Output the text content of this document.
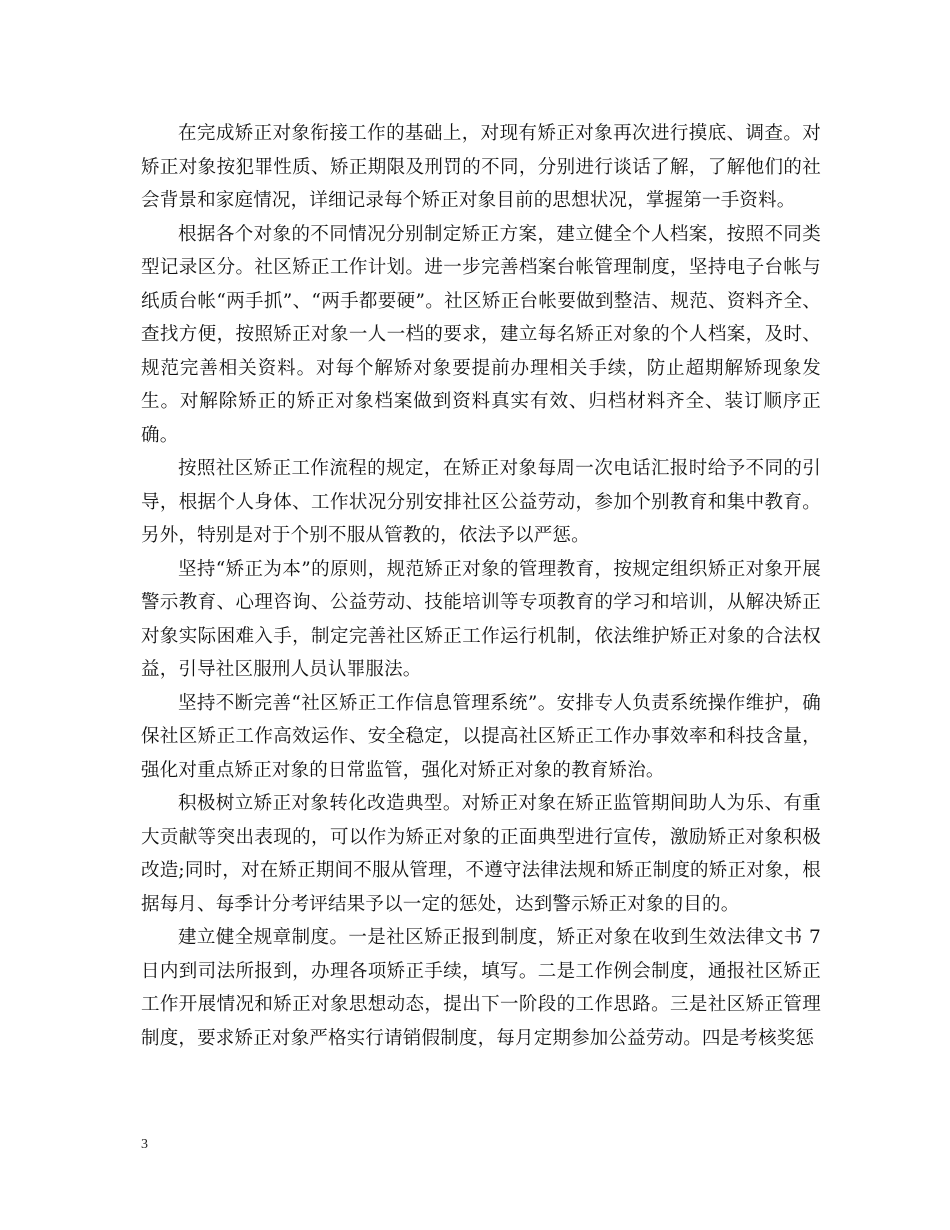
在完成矫正对象衔接工作的基础上，对现有矫正对象再次进行摸底、调查。对矫正对象按犯罪性质、矫正期限及刑罚的不同，分别进行谈话了解，了解他们的社会背景和家庭情况，详细记录每个矫正对象目前的思想状况，掌握第一手资料。

根据各个对象的不同情况分别制定矫正方案，建立健全个人档案，按照不同类型记录区分。社区矫正工作计划。进一步完善档案台帐管理制度，坚持电子台帐与纸质台帐“两手抓”、“两手都要硬”。社区矫正台帐要做到整洁、规范、资料齐全、查找方便，按照矫正对象一人一档的要求，建立每名矫正对象的个人档案，及时、规范完善相关资料。对每个解矫对象要提前办理相关手续，防止超期解矫现象发生。对解除矫正的矫正对象档案做到资料真实有效、归档材料齐全、装订顺序正确。

按照社区矫正工作流程的规定，在矫正对象每周一次电话汇报时给予不同的引导，根据个人身体、工作状况分别安排社区公益劳动，参加个别教育和集中教育。另外，特别是对于个别不服从管教的，依法予以严惩。

坚持“矫正为本”的原则，规范矫正对象的管理教育，按规定组织矫正对象开展警示教育、心理咨询、公益劳动、技能培训等专项教育的学习和培训，从解决矫正对象实际困难入手，制定完善社区矫正工作运行机制，依法维护矫正对象的合法权益，引导社区服刑人员认罪服法。

坚持不断完善“社区矫正工作信息管理系统”。安排专人负责系统操作维护，确保社区矫正工作高效运作、安全稳定，以提高社区矫正工作办事效率和科技含量，强化对重点矫正对象的日常监管，强化对矫正对象的教育矫治。

积极树立矫正对象转化改造典型。对矫正对象在矫正监管期间助人为乐、有重大贡献等突出表现的，可以作为矫正对象的正面典型进行宣传，激励矫正对象积极改造;同时，对在矫正期间不服从管理，不遵守法律法规和矫正制度的矫正对象，根据每月、每季计分考评结果予以一定的惩处，达到警示矫正对象的目的。

建立健全规章制度。一是社区矫正报到制度，矫正对象在收到生效法律文书 7 日内到司法所报到，办理各项矫正手续，填写。二是工作例会制度，通报社区矫正工作开展情况和矫正对象思想动态，提出下一阶段的工作思路。三是社区矫正管理制度，要求矫正对象严格实行请销假制度，每月定期参加公益劳动。四是考核奖惩

3
